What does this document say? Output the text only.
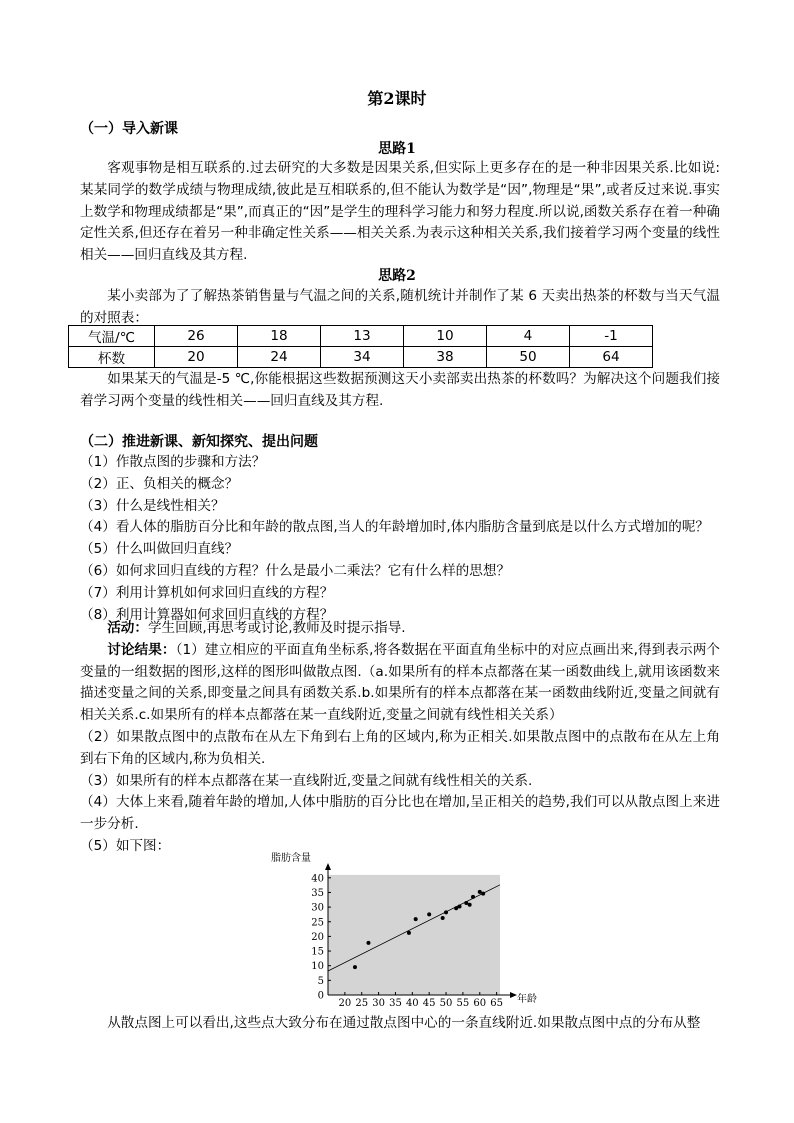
第2课时
（一）导入新课
思路1
客观事物是相互联系的.过去研究的大多数是因果关系,但实际上更多存在的是一种非因果关系.比如说:某某同学的数学成绩与物理成绩,彼此是互相联系的,但不能认为数学是“因”,物理是“果”,或者反过来说.事实上数学和物理成绩都是“果”,而真正的“因”是学生的理科学习能力和努力程度.所以说,函数关系存在着一种确定性关系,但还存在着另一种非确定性关系——相关关系.为表示这种相关关系,我们接着学习两个变量的线性相关——回归直线及其方程.
思路2
某小卖部为了了解热茶销售量与气温之间的关系,随机统计并制作了某 6 天卖出热茶的杯数与当天气温的对照表：
气温/℃	26	18	13	10	4	-1
杯数	20	24	34	38	50	64
如果某天的气温是-5 ℃,你能根据这些数据预测这天小卖部卖出热茶的杯数吗？为解决这个问题我们接着学习两个变量的线性相关——回归直线及其方程.
（二）推进新课、新知探究、提出问题
（1）作散点图的步骤和方法？
（2）正、负相关的概念？
（3）什么是线性相关？
（4）看人体的脂肪百分比和年龄的散点图,当人的年龄增加时,体内脂肪含量到底是以什么方式增加的呢？
（5）什么叫做回归直线？
（6）如何求回归直线的方程？什么是最小二乘法？它有什么样的思想？
（7）利用计算机如何求回归直线的方程？
（8）利用计算器如何求回归直线的方程？
活动：学生回顾,再思考或讨论,教师及时提示指导.
讨论结果：（1）建立相应的平面直角坐标系,将各数据在平面直角坐标中的对应点画出来,得到表示两个变量的一组数据的图形,这样的图形叫做散点图.（a.如果所有的样本点都落在某一函数曲线上,就用该函数来描述变量之间的关系,即变量之间具有函数关系.b.如果所有的样本点都落在某一函数曲线附近,变量之间就有相关关系.c.如果所有的样本点都落在某一直线附近,变量之间就有线性相关关系）
（2）如果散点图中的点散布在从左下角到右上角的区域内,称为正相关.如果散点图中的点散布在从左上角到右下角的区域内,称为负相关.
（3）如果所有的样本点都落在某一直线附近,变量之间就有线性相关的关系.
（4）大体上来看,随着年龄的增加,人体中脂肪的百分比也在增加,呈正相关的趋势,我们可以从散点图上来进一步分析.
（5）如下图：
0
5
10
15
20
25
30
35
40
20 25 30 35 40 45 50 55 60 65
脂肪含量
年龄
从散点图上可以看出,这些点大致分布在通过散点图中心的一条直线附近.如果散点图中点的分布从整
